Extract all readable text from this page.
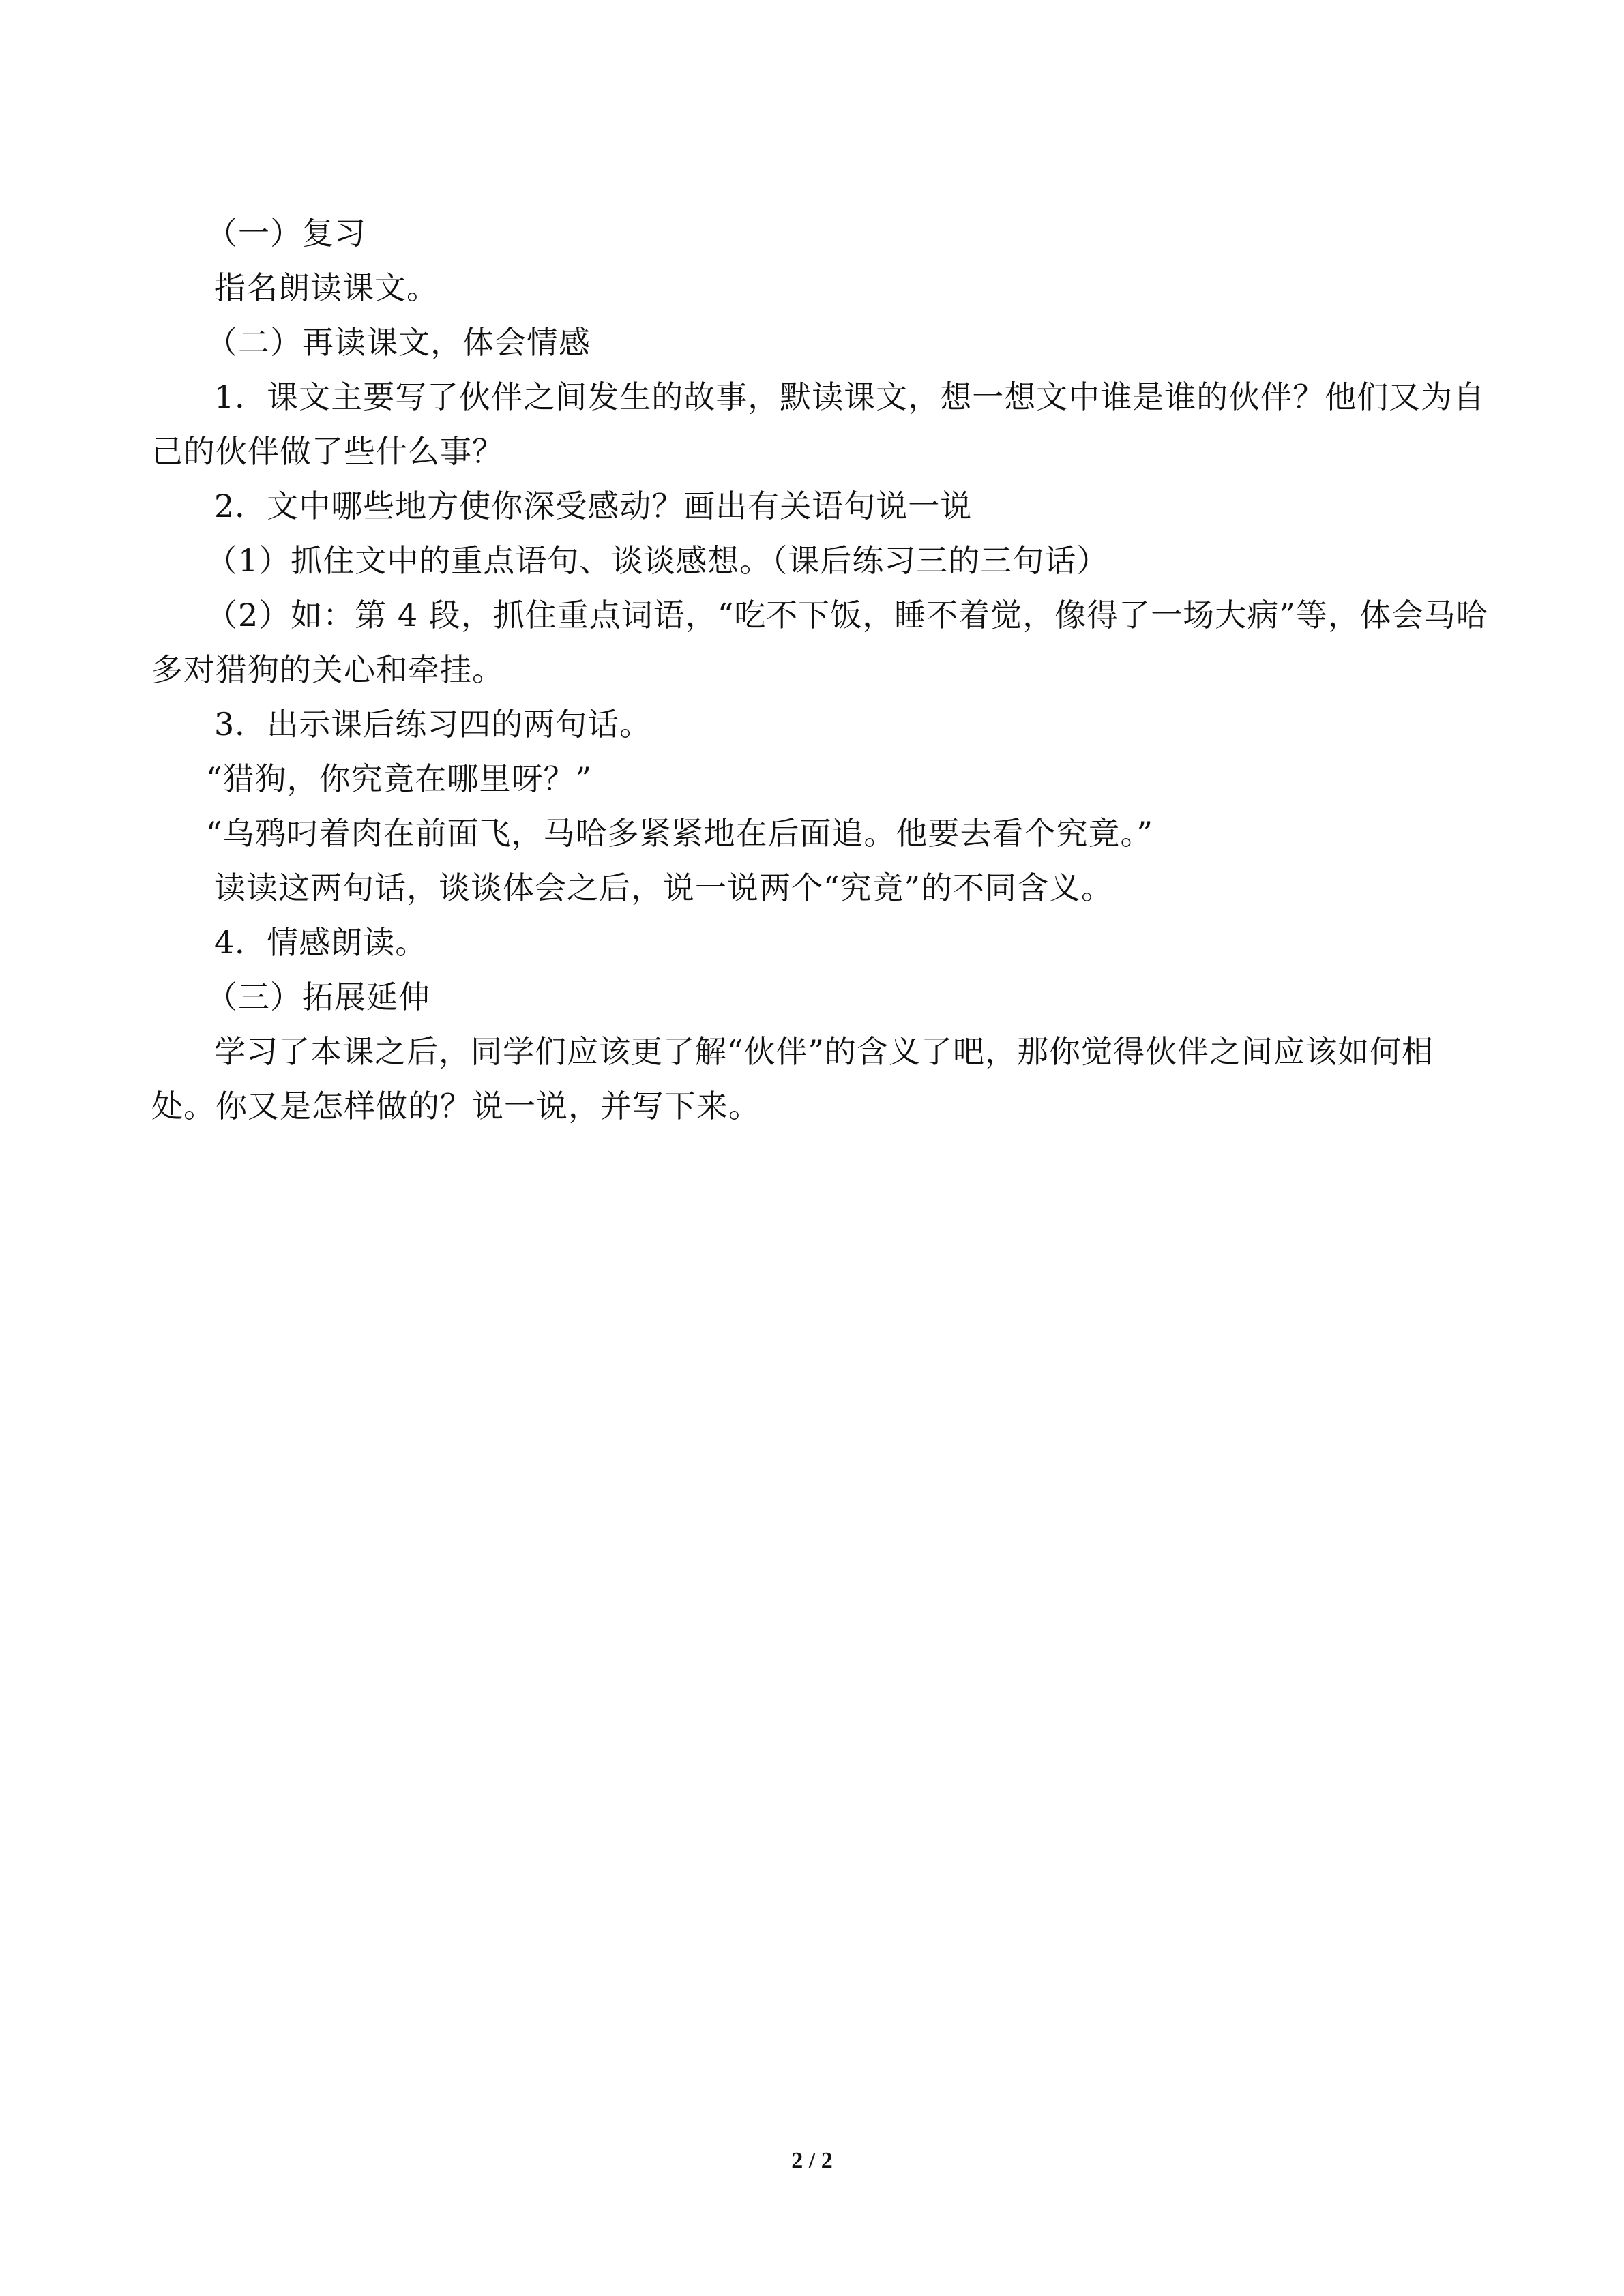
（一）复习

指名朗读课文。

（二）再读课文，体会情感

1．课文主要写了伙伴之间发生的故事，默读课文，想一想文中谁是谁的伙伴？他们又为自己的伙伴做了些什么事？

2．文中哪些地方使你深受感动？画出有关语句说一说

（1）抓住文中的重点语句、谈谈感想。（课后练习三的三句话）

（2）如：第 4 段，抓住重点词语，“吃不下饭，睡不着觉，像得了一场大病”等，体会马哈多对猎狗的关心和牵挂。

3．出示课后练习四的两句话。

“猎狗，你究竟在哪里呀？”

“乌鸦叼着肉在前面飞，马哈多紧紧地在后面追。他要去看个究竟。”

读读这两句话，谈谈体会之后，说一说两个“究竟”的不同含义。

4．情感朗读。

（三）拓展延伸

学习了本课之后，同学们应该更了解“伙伴”的含义了吧，那你觉得伙伴之间应该如何相处。你又是怎样做的？说一说，并写下来。

2 / 2
